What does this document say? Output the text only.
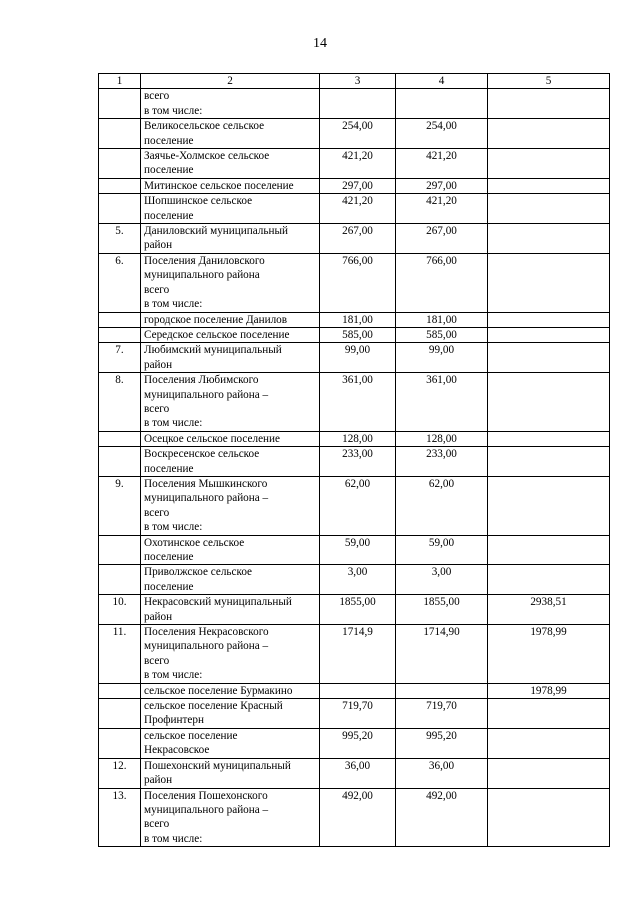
14
1	2	3	4	5
	всего
в том числе:			
	Великосельское сельское
поселение	254,00	254,00	
	Заячье-Холмское сельское
поселение	421,20	421,20	
	Митинское сельское поселение	297,00	297,00	
	Шопшинское сельское
поселение	421,20	421,20	
5.	Даниловский муниципальный
район	267,00	267,00	
6.	Поселения Даниловского
муниципального района
всего
в том числе:	766,00	766,00	
	городское поселение Данилов	181,00	181,00	
	Середское сельское поселение	585,00	585,00	
7.	Любимский муниципальный
район	99,00	99,00	
8.	Поселения Любимского
муниципального района –
всего
в том числе:	361,00	361,00	
	Осецкое сельское поселение	128,00	128,00	
	Воскресенское сельское
поселение	233,00	233,00	
9.	Поселения Мышкинского
муниципального района –
всего
в том числе:	62,00	62,00	
	Охотинское сельское
поселение	59,00	59,00	
	Приволжское сельское
поселение	3,00	3,00	
10.	Некрасовский муниципальный
район	1855,00	1855,00	2938,51
11.	Поселения Некрасовского
муниципального района –
всего
в том числе:	1714,9	1714,90	1978,99
	сельское поселение Бурмакино			1978,99
	сельское поселение Красный
Профинтерн	719,70	719,70	
	сельское поселение
Некрасовское	995,20	995,20	
12.	Пошехонский муниципальный
район	36,00	36,00	
13.	Поселения Пошехонского
муниципального района –
всего
в том числе:	492,00	492,00	
